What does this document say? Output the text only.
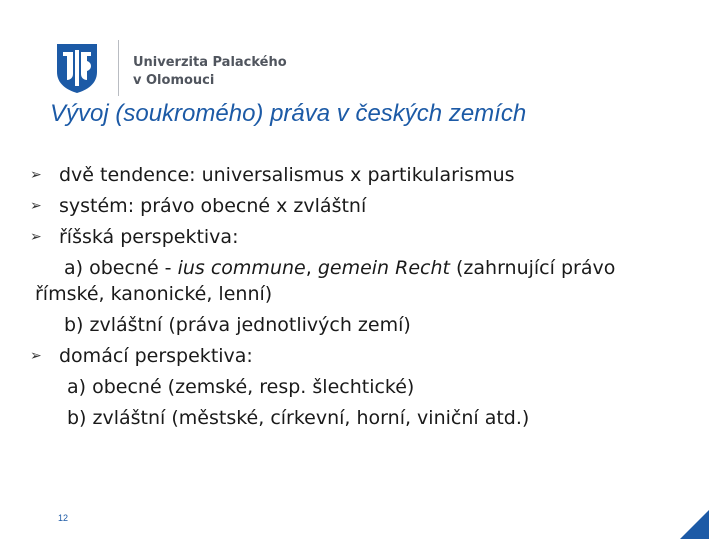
Univerzita Palackého
v Olomouci
Vývoj (soukromého) práva v českých zemích
➢ dvě tendence: universalismus x partikularismus
➢ systém: právo obecné x zvláštní
➢ říšská perspektiva:
a) obecné - ius commune, gemein Recht (zahrnující právo
římské, kanonické, lenní)
b) zvláštní (práva jednotlivých zemí)
➢ domácí perspektiva:
a) obecné (zemské, resp. šlechtické)
b) zvláštní (městské, církevní, horní, viniční atd.)
12
